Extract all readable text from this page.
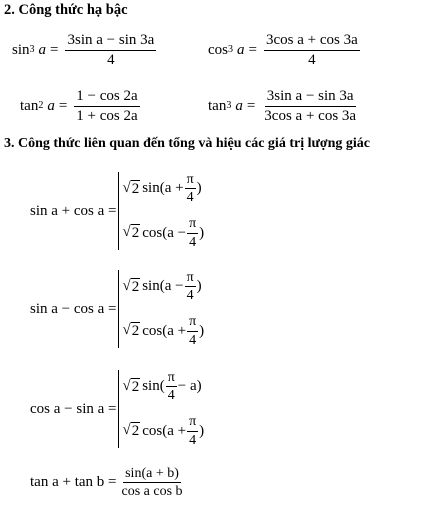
2. Công thức hạ bậc
sin 3 $a = \frac{\text{3sin a − sin 3a}}{4}$	cos 3 $a = \frac{\text{3cos a + cos 3a}}{4}$
tan 2 $a = \frac{1 - \cos 2a}{1 + \cos 2a}$	tan 3 $a = \frac{\text{3sin a − sin 3a}}{\text{3cos a + cos 3a}}$
3. Công thức liên quan đến tổng và hiệu các giá trị lượng giác
sin a + cos a =
√ 2 $\sin(a + \frac{\pi}{4}$ )
√ 2 $\cos(a - \frac{\pi}{4}$ )
sin a − cos a =
√ 2 $\sin(a - \frac{\pi}{4}$ )
√ 2 $\cos(a + \frac{\pi}{4}$ )
cos a − sin a =
√ 2 $\sin( \frac{\pi}{4} - a)$
√ 2 $\cos(a + \frac{\pi}{4}$ )
$\tan a + \tan b = \frac{\sin(a + b)}{\text{cos a cos b}}$
